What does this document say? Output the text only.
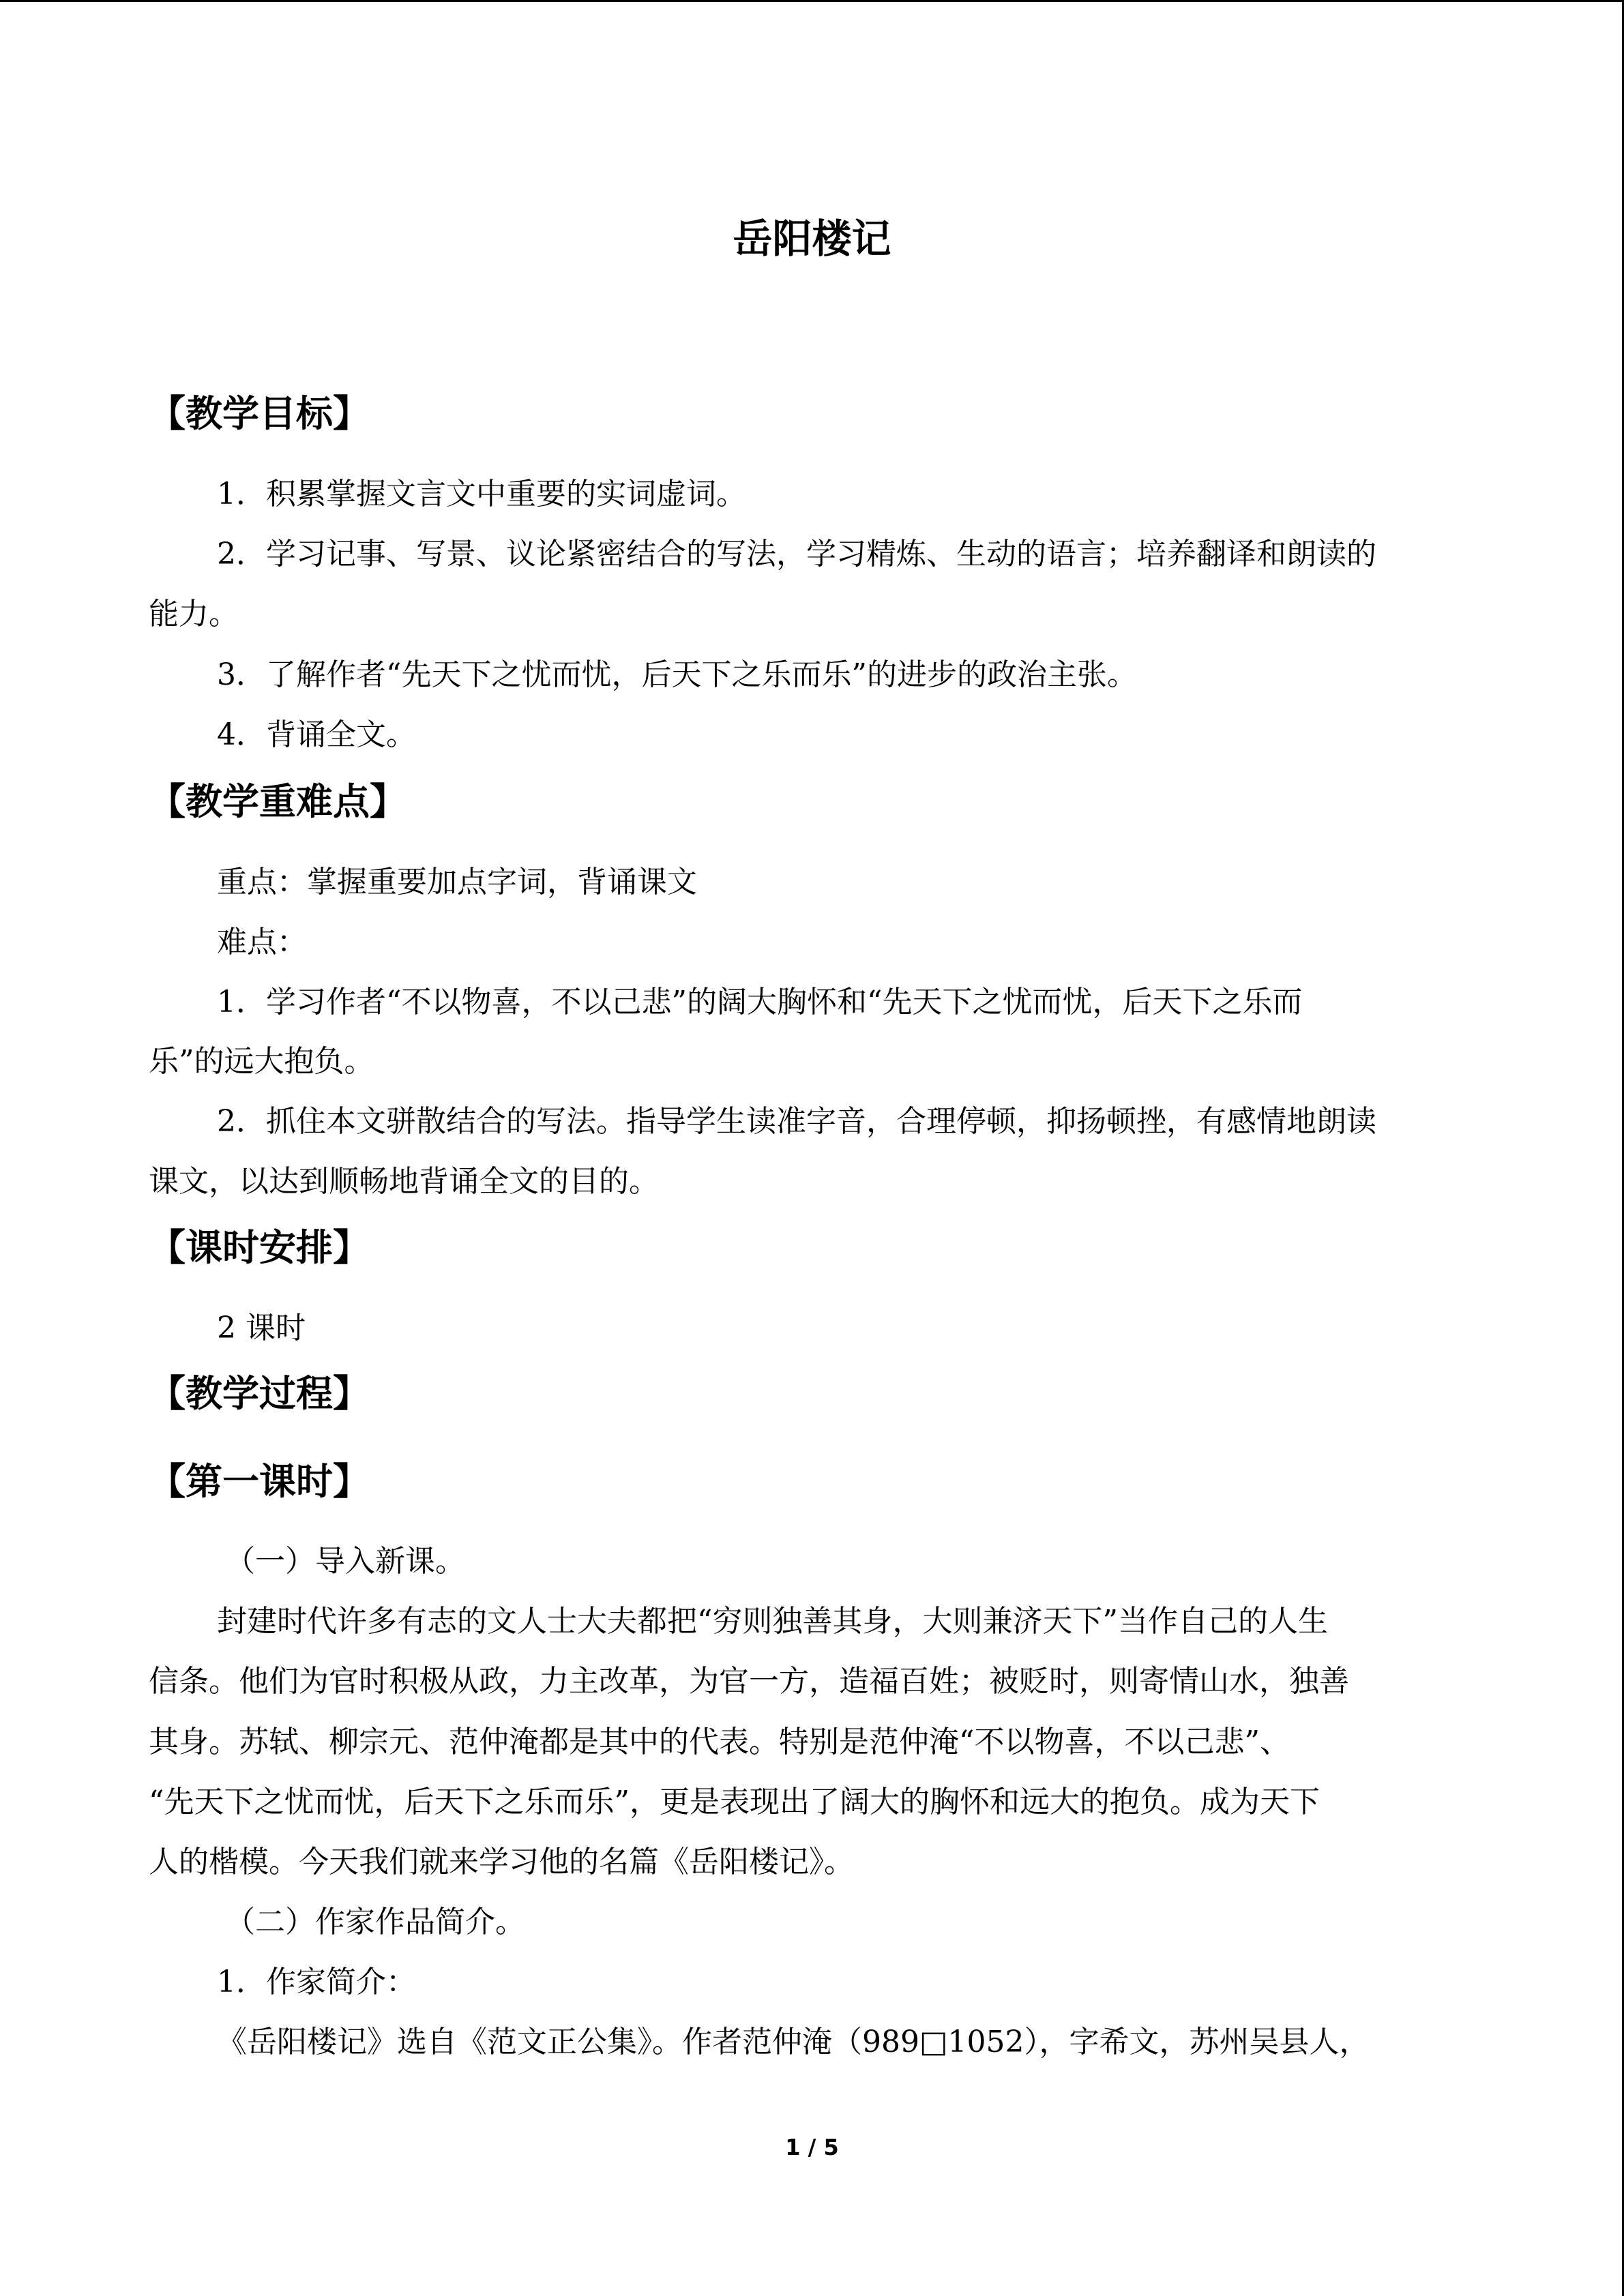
岳阳楼记
【教学目标】
1．积累掌握文言文中重要的实词虚词。
2．学习记事、写景、议论紧密结合的写法，学习精炼、生动的语言；培养翻译和朗读的
能力。
3．了解作者“先天下之忧而忧，后天下之乐而乐”的进步的政治主张。
4．背诵全文。
【教学重难点】
重点：掌握重要加点字词，背诵课文
难点：
1．学习作者“不以物喜，不以己悲”的阔大胸怀和“先天下之忧而忧，后天下之乐而
乐”的远大抱负。
2．抓住本文骈散结合的写法。指导学生读准字音，合理停顿，抑扬顿挫，有感情地朗读
课文，以达到顺畅地背诵全文的目的。
【课时安排】
2 课时
【教学过程】
【第一课时】
（一）导入新课。
封建时代许多有志的文人士大夫都把“穷则独善其身，大则兼济天下”当作自己的人生
信条。他们为官时积极从政，力主改革，为官一方，造福百姓；被贬时，则寄情山水，独善
其身。苏轼、柳宗元、范仲淹都是其中的代表。特别是范仲淹“不以物喜，不以己悲”、
“先天下之忧而忧，后天下之乐而乐”，更是表现出了阔大的胸怀和远大的抱负。成为天下
人的楷模。今天我们就来学习他的名篇《岳阳楼记》。
（二）作家作品简介。
1．作家简介：
《岳阳楼记》选自《范文正公集》。作者范仲淹（989□1052），字希文，苏州吴县人，
1 / 5
